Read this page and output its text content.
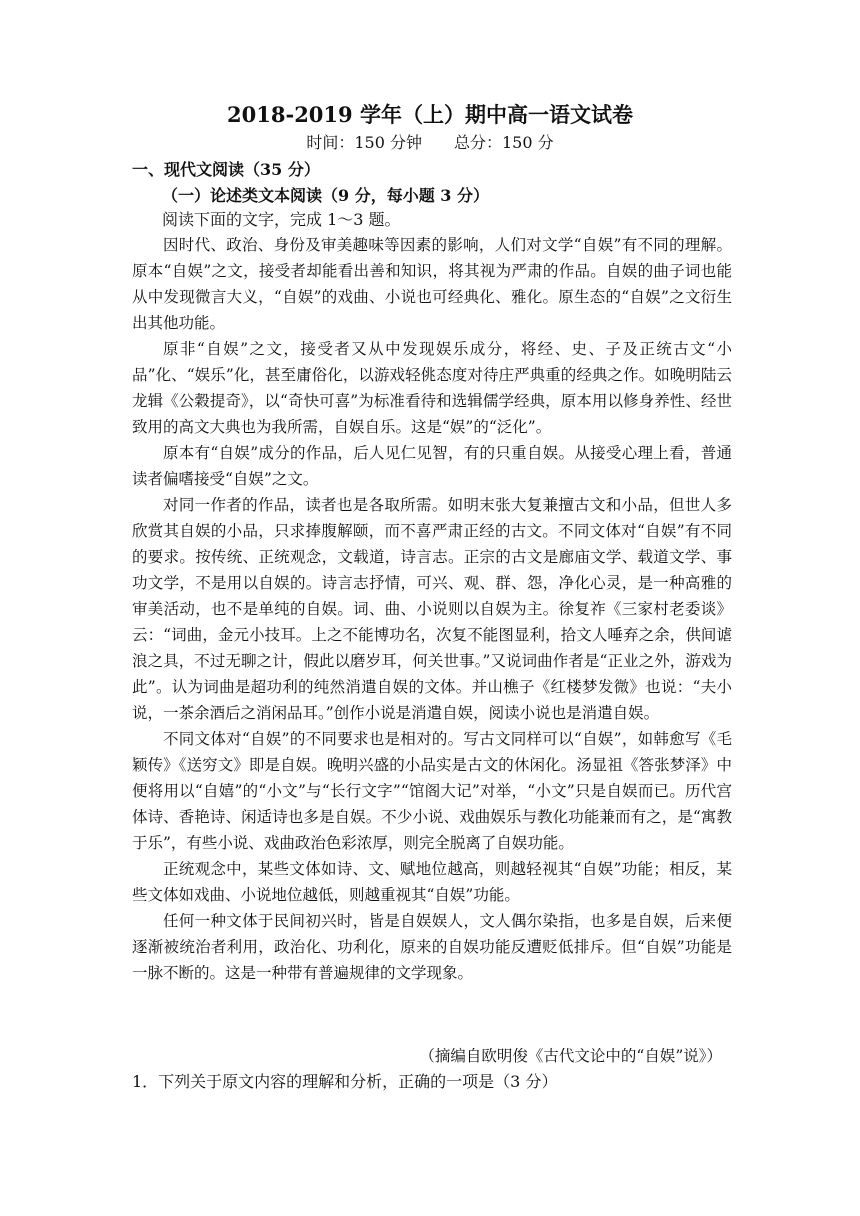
2018-2019 学年（上）期中高一语文试卷
时间：150 分钟　　总分：150 分
一、现代文阅读（35 分）
（一）论述类文本阅读（9 分，每小题 3 分）
阅读下面的文字，完成 1～3 题。

因时代、政治、身份及审美趣味等因素的影响，人们对文学“自娱”有不同的理解。原本“自娱”之文，接受者却能看出善和知识，将其视为严肃的作品。自娱的曲子词也能从中发现微言大义，“自娱”的戏曲、小说也可经典化、雅化。原生态的“自娱”之文衍生出其他功能。

原非“自娱”之文，接受者又从中发现娱乐成分，将经、史、子及正统古文“小品”化、“娱乐”化，甚至庸俗化，以游戏轻佻态度对待庄严典重的经典之作。如晚明陆云龙辑《公穀提奇》，以“奇快可喜”为标准看待和选辑儒学经典，原本用以修身养性、经世致用的高文大典也为我所需，自娱自乐。这是“娱”的“泛化”。

原本有“自娱”成分的作品，后人见仁见智，有的只重自娱。从接受心理上看，普通读者偏嗜接受“自娱”之文。

对同一作者的作品，读者也是各取所需。如明末张大复兼擅古文和小品，但世人多欣赏其自娱的小品，只求捧腹解颐，而不喜严肃正经的古文。不同文体对“自娱”有不同的要求。按传统、正统观念，文载道，诗言志。正宗的古文是廊庙文学、载道文学、事功文学，不是用以自娱的。诗言志抒情，可兴、观、群、怨，净化心灵，是一种高雅的审美活动，也不是单纯的自娱。词、曲、小说则以自娱为主。徐复祚《三家村老委谈》云：“词曲，金元小技耳。上之不能博功名，次复不能图显利，拾文人唾弃之余，供间谑浪之具，不过无聊之计，假此以磨岁耳，何关世事。”又说词曲作者是“正业之外，游戏为此”。认为词曲是超功利的纯然消遣自娱的文体。并山樵子《红楼梦发微》也说：“夫小说，一茶余酒后之消闲品耳。”创作小说是消遣自娱，阅读小说也是消遣自娱。

不同文体对“自娱”的不同要求也是相对的。写古文同样可以“自娱”，如韩愈写《毛颖传》《送穷文》即是自娱。晚明兴盛的小品实是古文的休闲化。汤显祖《答张梦泽》中便将用以“自嬉”的“小文”与“长行文字”“馆阁大记”对举，“小文”只是自娱而已。历代宫体诗、香艳诗、闲适诗也多是自娱。不少小说、戏曲娱乐与教化功能兼而有之，是“寓教于乐”，有些小说、戏曲政治色彩浓厚，则完全脱离了自娱功能。

正统观念中，某些文体如诗、文、赋地位越高，则越轻视其“自娱”功能；相反，某些文体如戏曲、小说地位越低，则越重视其“自娱”功能。

任何一种文体于民间初兴时，皆是自娱娱人，文人偶尔染指，也多是自娱，后来便逐渐被统治者利用，政治化、功利化，原来的自娱功能反遭贬低排斥。但“自娱”功能是一脉不断的。这是一种带有普遍规律的文学现象。

（摘编自欧明俊《古代文论中的“自娱”说》）
1．下列关于原文内容的理解和分析，正确的一项是（3 分）
